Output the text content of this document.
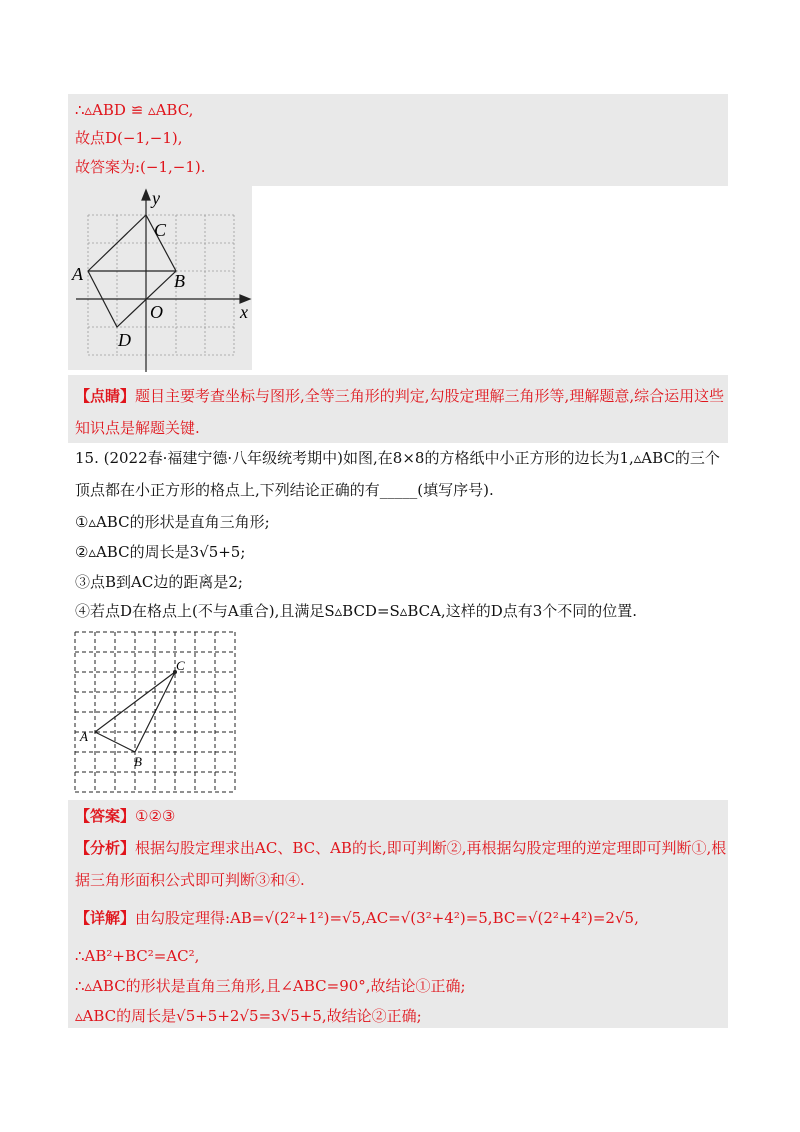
∴▵ABD ≌ ▵ABC,
故点D(−1,−1),
故答案为:(−1,−1).
y
C
A	B
O	x
D
【点睛】题目主要考查坐标与图形,全等三角形的判定,勾股定理解三角形等,理解题意,综合运用这些
知识点是解题关键.
15. (2022春·福建宁德·八年级统考期中)如图,在8×8的方格纸中小正方形的边长为1,▵ABC的三个
顶点都在小正方形的格点上,下列结论正确的有_____(填写序号).
①▵ABC的形状是直角三角形;
②▵ABC的周长是3√5+5;
③点B到AC边的距离是2;
④若点D在格点上(不与A重合),且满足S▵BCD=S▵BCA,这样的D点有3个不同的位置.
A
B
C
【答案】①②③
【分析】根据勾股定理求出AC、BC、AB的长,即可判断②,再根据勾股定理的逆定理即可判断①,根
据三角形面积公式即可判断③和④.
【详解】由勾股定理得:AB=√(2²+1²)=√5,AC=√(3²+4²)=5,BC=√(2²+4²)=2√5,
∴AB²+BC²=AC²,
∴▵ABC的形状是直角三角形,且∠ABC=90°,故结论①正确;
▵ABC的周长是√5+5+2√5=3√5+5,故结论②正确;
